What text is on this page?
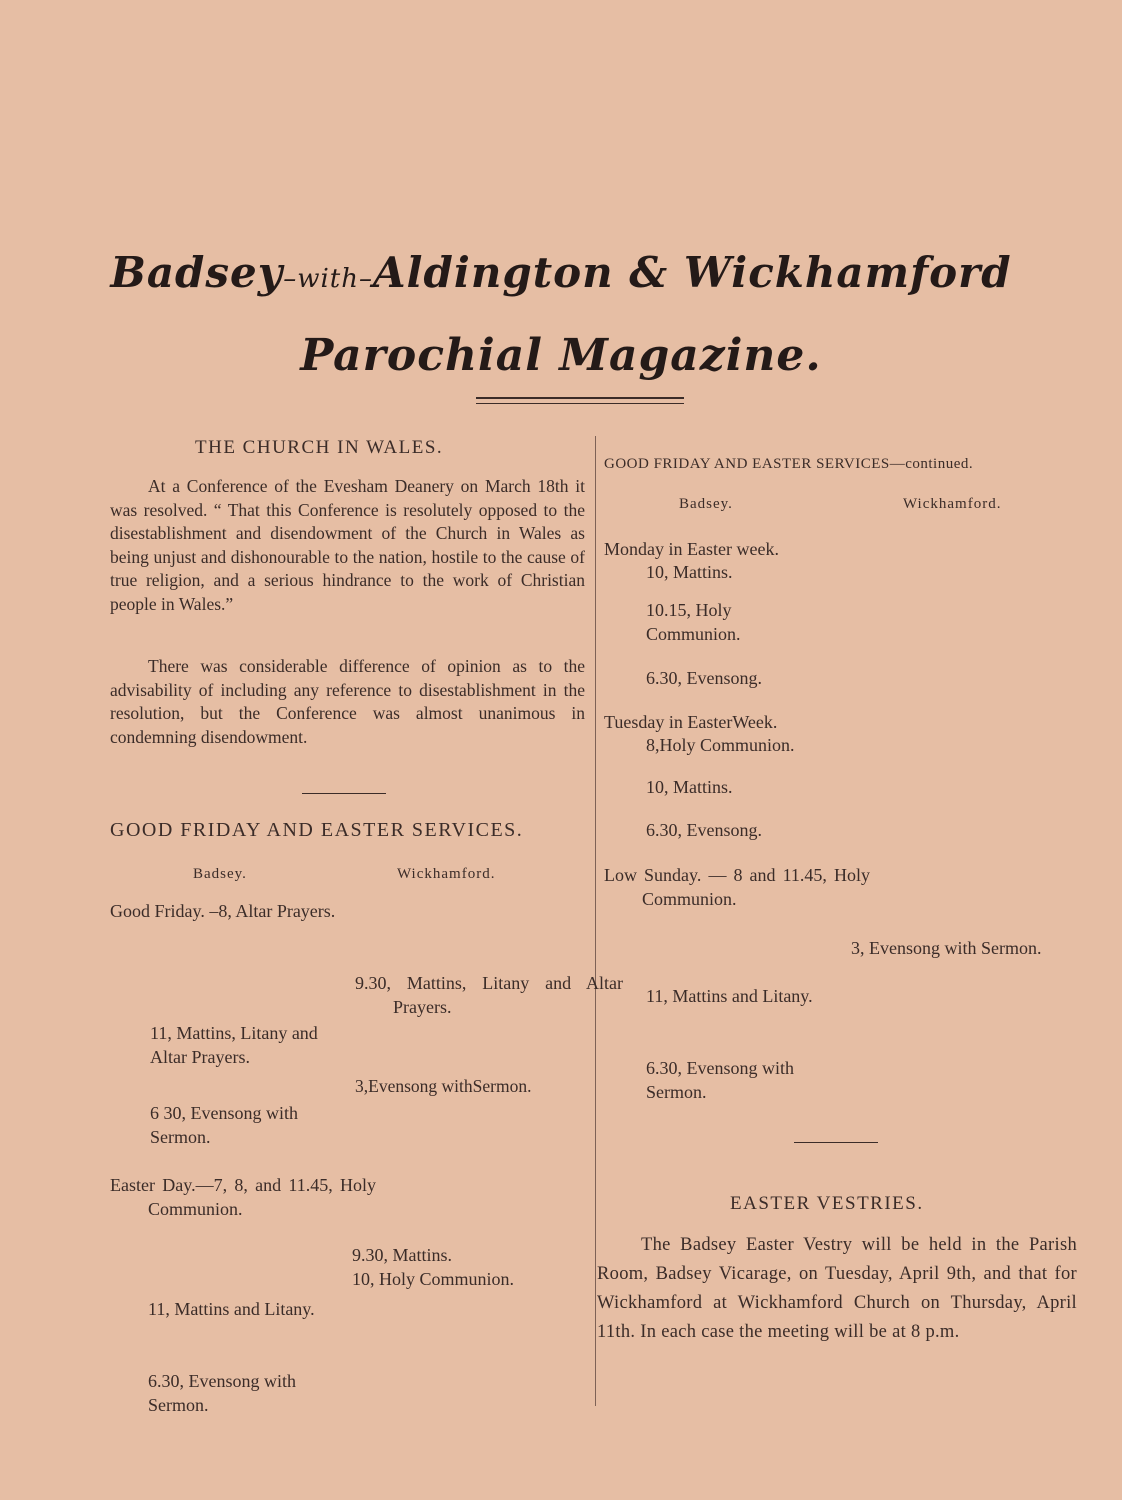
Badsey–with–Aldington & Wickhamford
Parochial Magazine.
THE CHURCH IN WALES.
At a Conference of the Evesham Deanery on March 18th it was resolved. “ That this Conference is resolutely opposed to the disestablishment and disendowment of the Church in Wales as being unjust and dishonourable to the nation, hostile to the cause of true religion, and a serious hindrance to the work of Christian people in Wales.”
There was considerable difference of opinion as to the advisability of including any reference to disestablishment in the resolution, but the Conference was almost unanimous in condemning disendowment.
GOOD FRIDAY AND EASTER SERVICES.
Badsey.	Wickhamford.
Good Friday. –8, Altar Prayers.
9.30, Mattins, Litany and Altar Prayers.
11, Mattins, Litany and Altar Prayers.
3,Evensong withSermon.
6 30, Evensong with Sermon.
Easter Day.—7, 8, and 11.45, Holy Communion.
9.30, Mattins.
10, Holy Communion.
11, Mattins and Litany.
6.30, Evensong with Sermon.
GOOD FRIDAY AND EASTER SERVICES—continued.
Badsey.	Wickhamford.
Monday in Easter week.
10, Mattins.
10.15, Holy Communion.
6.30, Evensong.
Tuesday in EasterWeek.
8,Holy Communion.
10, Mattins.
6.30, Evensong.
Low Sunday. — 8 and 11.45, Holy Communion.
3, Evensong with Sermon.
11, Mattins and Litany.
6.30, Evensong with Sermon.
EASTER VESTRIES.
The Badsey Easter Vestry will be held in the Parish Room, Badsey Vicarage, on Tuesday, April 9th, and that for Wickhamford at Wickhamford Church on Thursday, April 11th. In each case the meeting will be at 8 p.m.
